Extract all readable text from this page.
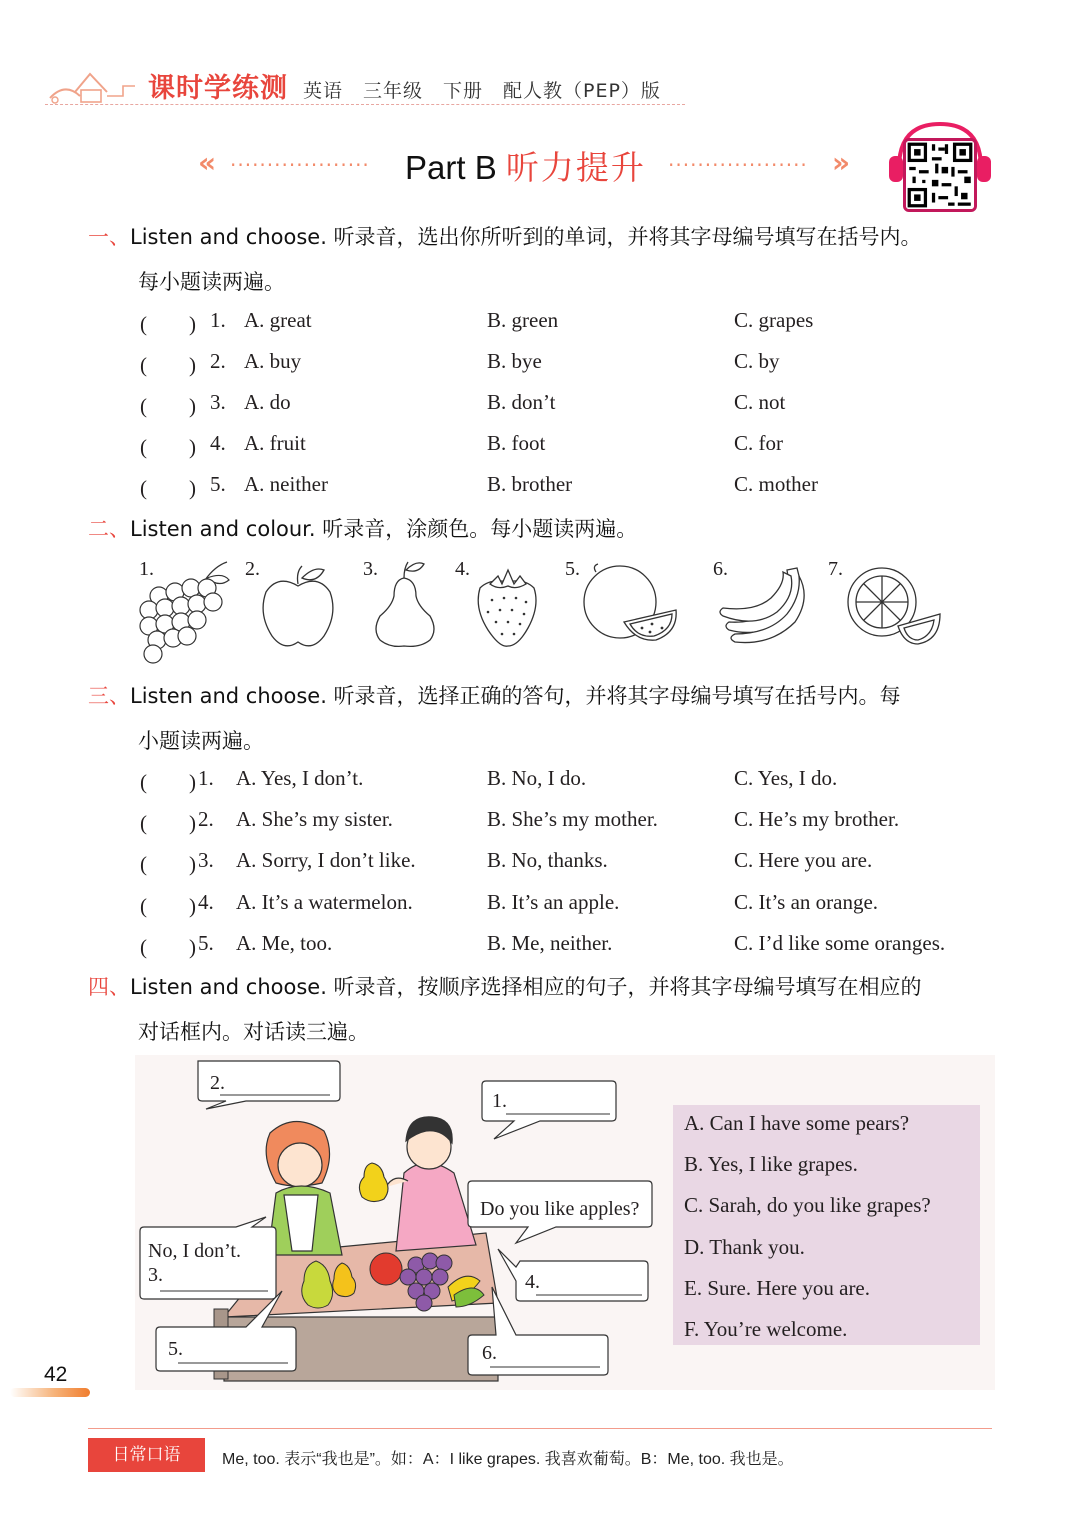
课时学练测 英语　三年级　下册　配人教（PEP）版
« ··················· Part B 听力提升 ··················· »
一、Listen and choose. 听录音，选出你所听到的单词，并将其字母编号填写在括号内。
每小题读两遍。
(　　) 1. A. great	B. green	C. grapes
(　　) 2. A. buy	B. bye	C. by
(　　) 3. A. do	B. don’t	C. not
(　　) 4. A. fruit	B. foot	C. for
(　　) 5. A. neither	B. brother	C. mother
二、Listen and colour. 听录音，涂颜色。每小题读两遍。
1.	2.	3.	4.	5.	6.	7.
三、Listen and choose. 听录音，选择正确的答句，并将其字母编号填写在括号内。每
小题读两遍。
(　　) 1. A. Yes, I don’t.	B. No, I do.	C. Yes, I do.
(　　) 2. A. She’s my sister.	B. She’s my mother.	C. He’s my brother.
(　　) 3. A. Sorry, I don’t like.	B. No, thanks.	C. Here you are.
(　　) 4. A. It’s a watermelon.	B. It’s an apple.	C. It’s an orange.
(　　) 5. A. Me, too.	B. Me, neither.	C. I’d like some oranges.
四、Listen and choose. 听录音，按顺序选择相应的句子，并将其字母编号填写在相应的
对话框内。对话读三遍。
2.
1.
Do you like apples?
No, I don’t.
3.	4.
5.	6.
A. Can I have some pears?
B. Yes, I like grapes.
C. Sarah, do you like grapes?
D. Thank you.
E. Sure. Here you are.
F. You’re welcome.
42
日常口语	Me, too. 表示“我也是”。如：A：I like grapes. 我喜欢葡萄。B：Me, too. 我也是。
